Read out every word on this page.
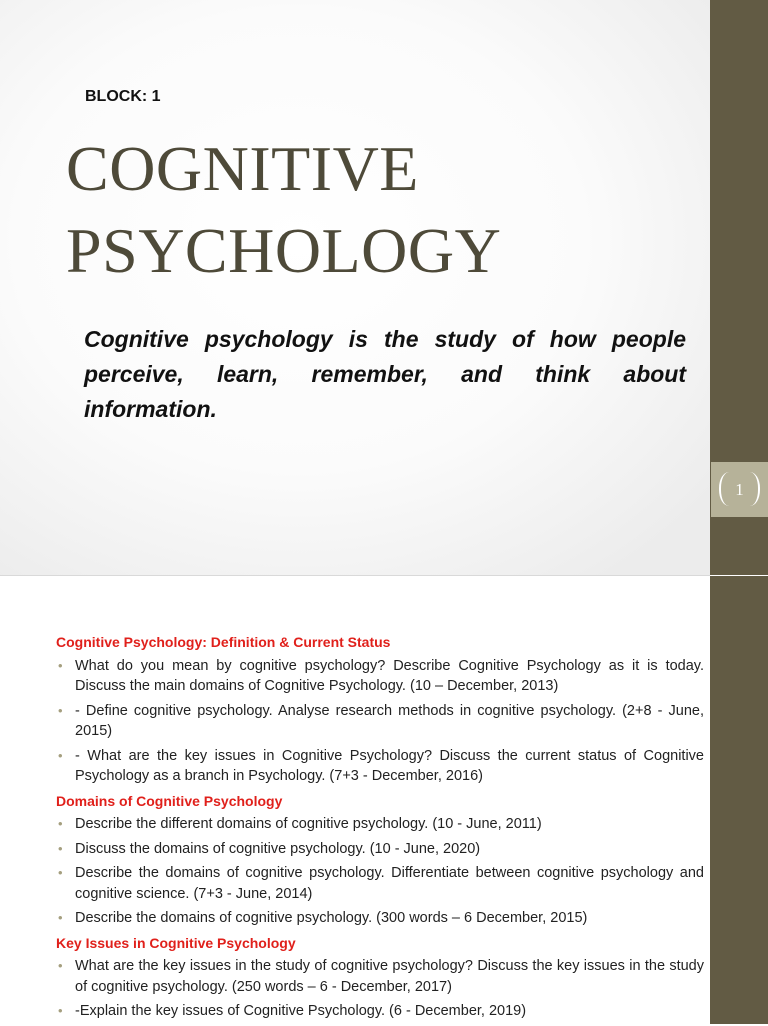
BLOCK: 1
COGNITIVE
PSYCHOLOGY
Cognitive psychology is the study of how people perceive, learn, remember, and think about information.
1
Cognitive Psychology: Definition & Current Status
• What do you mean by cognitive psychology? Describe Cognitive Psychology as it is today. Discuss the main domains of Cognitive Psychology. (10 – December, 2013)
• - Define cognitive psychology. Analyse research methods in cognitive psychology. (2+8 - June, 2015)
• - What are the key issues in Cognitive Psychology? Discuss the current status of Cognitive Psychology as a branch in Psychology. (7+3 - December, 2016)
Domains of Cognitive Psychology
• Describe the different domains of cognitive psychology. (10 - June, 2011)
• Discuss the domains of cognitive psychology. (10 - June, 2020)
• Describe the domains of cognitive psychology. Differentiate between cognitive psychology and cognitive science. (7+3 - June, 2014)
• Describe the domains of cognitive psychology. (300 words – 6 December, 2015)
Key Issues in Cognitive Psychology
• What are the key issues in the study of cognitive psychology? Discuss the key issues in the study of cognitive psychology. (250 words – 6 - December, 2017)
• -Explain the key issues of Cognitive Psychology. (6 - December, 2019)
